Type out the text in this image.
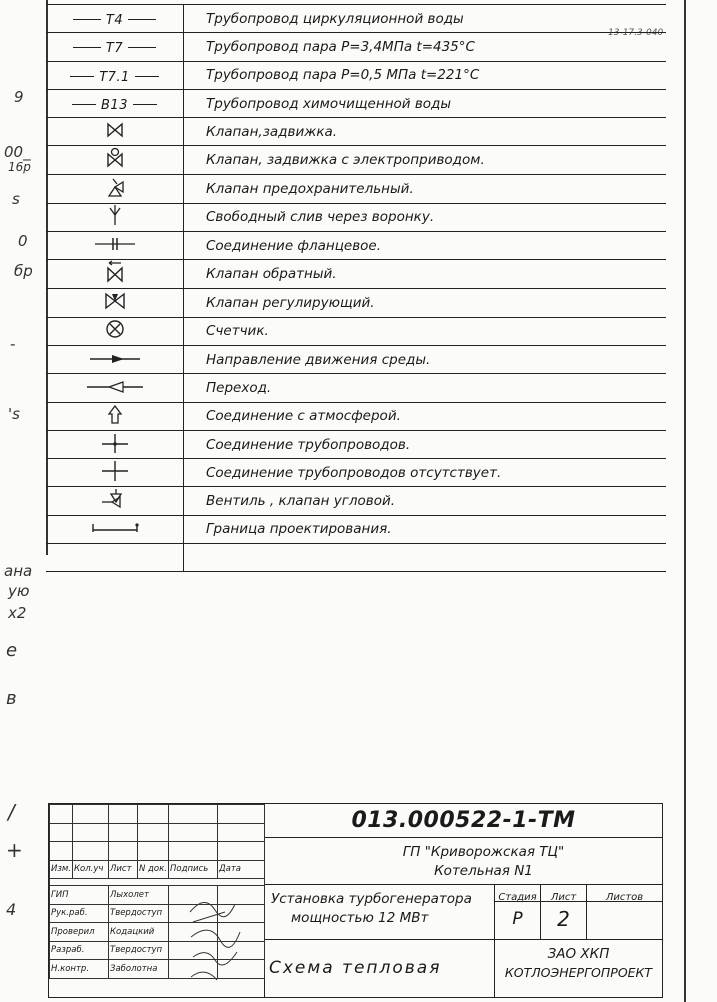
13-17.3-040
9
00_
16р
s
0
бр
-
's
ана
ую
х2
е
в
/
+
4
T4	Трубопровод циркуляционной воды
T7	Трубопровод пара Р=3,4МПа t=435°С
T7.1	Трубопровод пара Р=0,5 МПа t=221°С
B13	Трубопровод химочищенной воды
	Клапан,задвижка.
	Клапан, задвижка с электроприводом.
	Клапан предохранительный.
	Свободный слив через воронку.
	Соединение фланцевое.
	Клапан обратный.
	Клапан регулирующий.
	Счетчик.
	Направление движения среды.
	Переход.
	Соединение с атмосферой.
	Соединение трубопроводов.
	Соединение трубопроводов отсутствует.
	Вентиль , клапан угловой.
	Граница проектирования.

Изм.	Кол.уч	Лист	N док.	Подпись	Дата

ГИП		Лыхолет			
Рук.раб.		Твердоступ			
Проверил		Кодацкий			
Разраб.		Твердоступ			
Н.контр.		Заболотна			
013.000522-1-ТМ
ГП "Криворожская ТЦ"
Котельная N1
Установка турбогенератора
мощностью 12 МВт
Схема тепловая
Стадия	Лист	Листов
Р	2
ЗАО ХКП
КОТЛОЭНЕРГОПРОЕКТ
